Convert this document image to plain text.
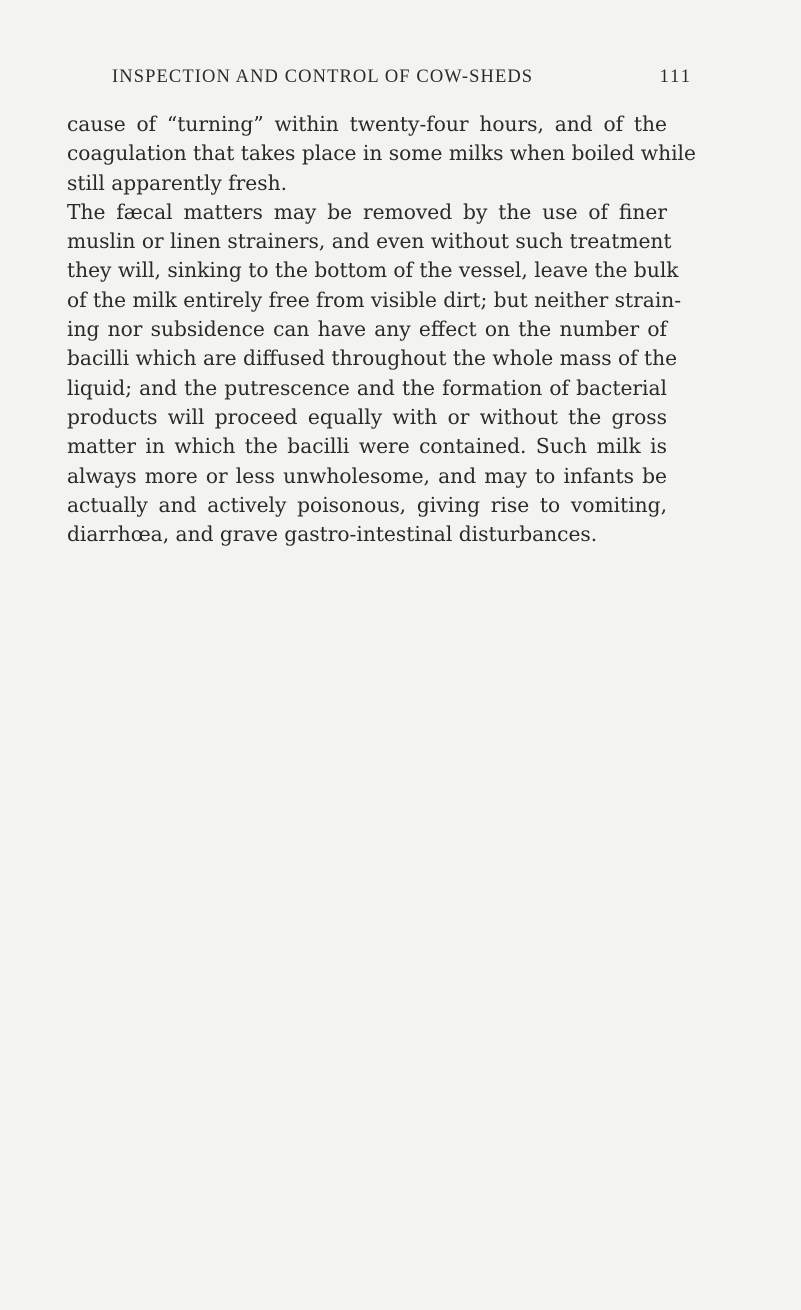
INSPECTION AND CONTROL OF COW-SHEDS	111
cause of “turning” within twenty-four hours, and of the
coagulation that takes place in some milks when boiled while
still apparently fresh.
The fæcal matters may be removed by the use of finer
muslin or linen strainers, and even without such treatment
they will, sinking to the bottom of the vessel, leave the bulk
of the milk entirely free from visible dirt; but neither strain-
ing nor subsidence can have any effect on the number of
bacilli which are diffused throughout the whole mass of the
liquid; and the putrescence and the formation of bacterial
products will proceed equally with or without the gross
matter in which the bacilli were contained. Such milk is
always more or less unwholesome, and may to infants be
actually and actively poisonous, giving rise to vomiting,
diarrhœa, and grave gastro-intestinal disturbances.
